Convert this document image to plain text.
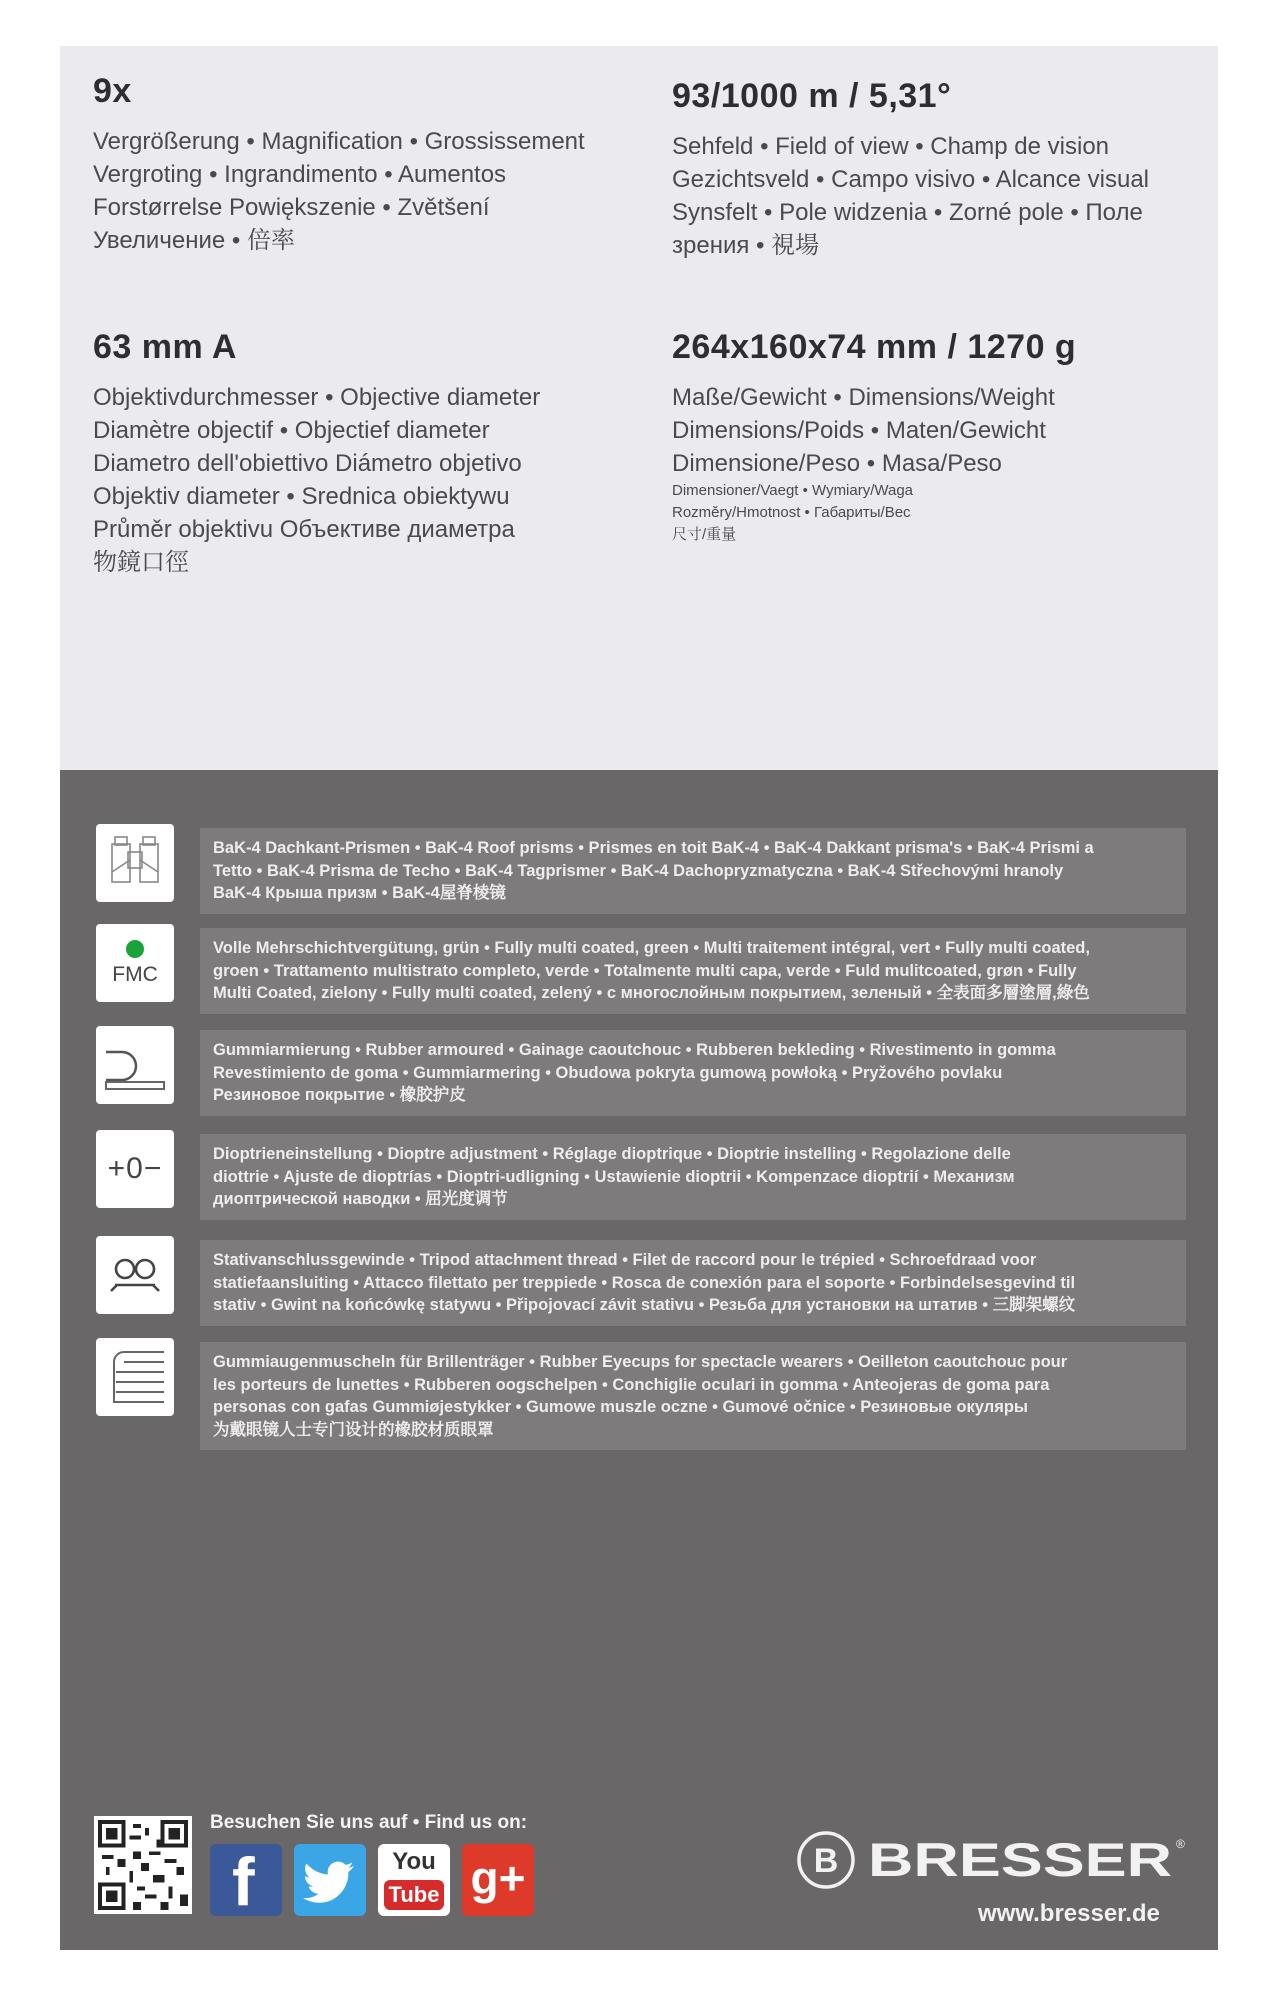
9x
Vergrößerung • Magnification • Grossissement
Vergroting • Ingrandimento • Aumentos
Forstørrelse Powiększenie • Zvětšení
Увеличение • 倍率
93/1000 m / 5,31°
Sehfeld • Field of view • Champ de vision
Gezichtsveld • Campo visivo • Alcance visual
Synsfelt • Pole widzenia • Zorné pole • Поле
зрения • 視場
63 mm A
Objektivdurchmesser • Objective diameter
Diamètre objectif • Objectief diameter
Diametro dell'obiettivo Diámetro objetivo
Objektiv diameter • Srednica obiektywu
Průměr objektivu Объективе диаметра
物鏡口徑
264x160x74 mm / 1270 g
Maße/Gewicht • Dimensions/Weight
Dimensions/Poids • Maten/Gewicht
Dimensione/Peso • Masa/Peso
Dimensioner/Vaegt • Wymiary/Waga
Rozměry/Hmotnost • Габариты/Вес
尺寸/重量
BaK-4 Dachkant-Prismen • BaK-4 Roof prisms • Prismes en toit BaK-4 • BaK-4 Dakkant prisma's • BaK-4 Prismi a
Tetto • BaK-4 Prisma de Techo • BaK-4 Tagprismer • BaK-4 Dachopryzmatyczna • BaK-4 Střechovými hranoly
BaK-4 Крыша призм • BaK-4屋脊棱镜
FMC
Volle Mehrschichtvergütung, grün • Fully multi coated, green • Multi traitement intégral, vert • Fully multi coated,
groen • Trattamento multistrato completo, verde • Totalmente multi capa, verde • Fuld mulitcoated, grøn • Fully
Multi Coated, zielony • Fully multi coated, zelený • с многослойным покрытием, зеленый • 全表面多層塗層,綠色
Gummiarmierung • Rubber armoured • Gainage caoutchouc • Rubberen bekleding • Rivestimento in gomma
Revestimiento de goma • Gummiarmering • Obudowa pokryta gumową powłoką • Pryžového povlaku
Резиновое покрытие • 橡胶护皮
+0−	Dioptrieneinstellung • Dioptre adjustment • Réglage dioptrique • Dioptrie instelling • Regolazione delle
diottrie • Ajuste de dioptrías • Dioptri-udligning • Ustawienie dioptrii • Kompenzace dioptrií • Механизм
диоптрической наводки • 屈光度调节
Stativanschlussgewinde • Tripod attachment thread • Filet de raccord pour le trépied • Schroefdraad voor
statiefaansluiting • Attacco filettato per treppiede • Rosca de conexión para el soporte • Forbindelsesgevind til
stativ • Gwint na końcówkę statywu • Připojovací závit stativu • Резьба для установки на штатив • 三脚架螺纹
Gummiaugenmuscheln für Brillenträger • Rubber Eyecups for spectacle wearers • Oeilleton caoutchouc pour
les porteurs de lunettes • Rubberen oogschelpen • Conchiglie oculari in gomma • Anteojeras de goma para
personas con gafas Gummiøjestykker • Gumowe muszle oczne • Gumové očnice • Резиновые окуляры
为戴眼镜人士专门设计的橡胶材质眼罩
Besuchen Sie uns auf • Find us on:
f	You
Tube g+	B BRESSER ®
www.bresser.de
